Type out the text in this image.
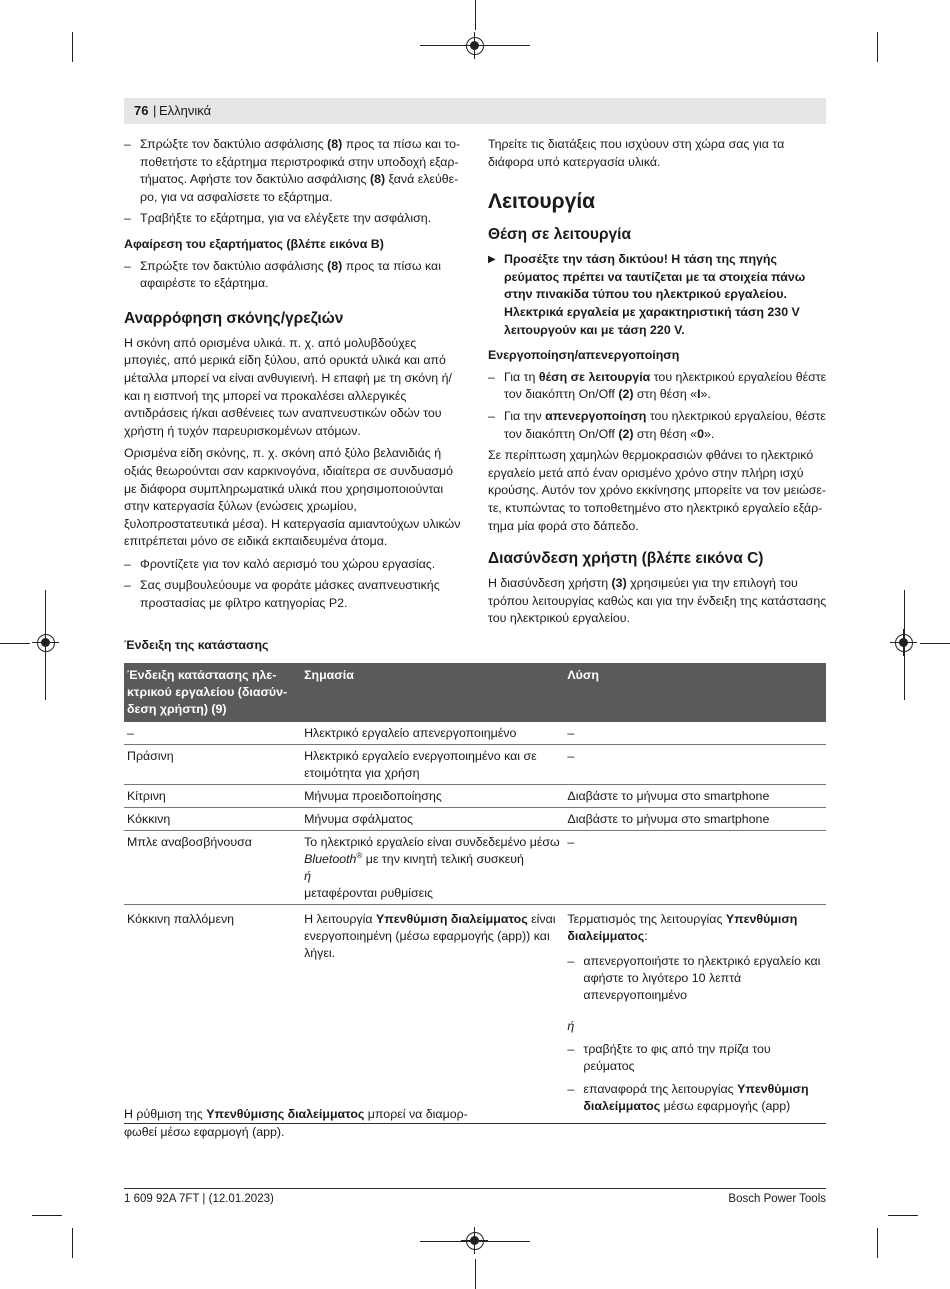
76 | Ελληνικά
– Σπρώξτε τον δακτύλιο ασφάλισης (8) προς τα πίσω και τοποθετήστε το εξάρτημα περιστροφικά στην υποδοχή εξαρτήματος. Αφήστε τον δακτύλιο ασφάλισης (8) ξανά ελεύθερο, για να ασφαλίσετε το εξάρτημα.
– Τραβήξτε το εξάρτημα, για να ελέγξετε την ασφάλιση.
Αφαίρεση του εξαρτήματος (βλέπε εικόνα B)
– Σπρώξτε τον δακτύλιο ασφάλισης (8) προς τα πίσω και αφαιρέστε το εξάρτημα.
Αναρρόφηση σκόνης/γρεζιών

Η σκόνη από ορισμένα υλικά. π. χ. από μολυβδούχες μπογιές, από μερικά είδη ξύλου, από ορυκτά υλικά και από μέταλλα μπορεί να είναι ανθυγιεινή. Η επαφή με τη σκόνη ή/και η εισπνοή της μπορεί να προκαλέσει αλλεργικές αντιδράσεις ή/και ασθένειες των αναπνευστικών οδών του χρήστη ή τυχόν παρευρισκομένων ατόμων.

Ορισμένα είδη σκόνης, π. χ. σκόνη από ξύλο βελανιδιάς ή οξιάς θεωρούνται σαν καρκινογόνα, ιδιαίτερα σε συνδυασμό με διάφορα συμπληρωματικά υλικά που χρησιμοποιούνται στην κατεργασία ξύλων (ενώσεις χρωμίου, ξυλοπροστατευτικά μέσα). Η κατεργασία αμιαντούχων υλικών επιτρέπεται μόνο σε ειδικά εκπαιδευμένα άτομα.

– Φροντίζετε για τον καλό αερισμό του χώρου εργασίας.
– Σας συμβουλεύουμε να φοράτε μάσκες αναπνευστικής προστασίας με φίλτρο κατηγορίας P2.

Τηρείτε τις διατάξεις που ισχύουν στη χώρα σας για τα διάφορα υπό κατεργασία υλικά.

Λειτουργία
Θέση σε λειτουργία
▶ Προσέξτε την τάση δικτύου! Η τάση της πηγής ρεύματος πρέπει να ταυτίζεται με τα στοιχεία πάνω στην πινακίδα τύπου του ηλεκτρικού εργαλείου. Ηλεκτρικά εργαλεία με χαρακτηριστική τάση 230 V λειτουργούν και με τάση 220 V.
Ενεργοποίηση/απενεργοποίηση
– Για τη θέση σε λειτουργία του ηλεκτρικού εργαλείου θέστε τον διακόπτη On/Off (2) στη θέση «I».
– Για την απενεργοποίηση του ηλεκτρικού εργαλείου, θέστε τον διακόπτη On/Off (2) στη θέση «0».

Σε περίπτωση χαμηλών θερμοκρασιών φθάνει το ηλεκτρικό εργαλείο μετά από έναν ορισμένο χρόνο στην πλήρη ισχύ κρούσης. Αυτόν τον χρόνο εκκίνησης μπορείτε να τον μειώσετε, κτυπώντας το τοποθετημένο στο ηλεκτρικό εργαλείο εξάρτημα μία φορά στο δάπεδο.

Διασύνδεση χρήστη (βλέπε εικόνα C)

Η διασύνδεση χρήστη (3) χρησιμεύει για την επιλογή του τρόπου λειτουργίας καθώς και για την ένδειξη της κατάστασης του ηλεκτρικού εργαλείου.

Ένδειξη της κατάστασης
Ένδειξη κατάστασης ηλεκτρικού εργαλείου (διασύνδεση χρήστη) (9)	Σημασία	Λύση
–	Ηλεκτρικό εργαλείο απενεργοποιημένο	–
Πράσινη	Ηλεκτρικό εργαλείο ενεργοποιημένο και σε ετοιμότητα για χρήση	–
Κίτρινη	Μήνυμα προειδοποίησης	Διαβάστε το μήνυμα στο smartphone
Κόκκινη	Μήνυμα σφάλματος	Διαβάστε το μήνυμα στο smartphone
Μπλε αναβοσβήνουσα	Το ηλεκτρικό εργαλείο είναι συνδεδεμένο μέσω Bluetooth® με την κινητή τελική συσκευή
ή
μεταφέρονται ρυθμίσεις	–
Κόκκινη παλλόμενη	Η λειτουργία Υπενθύμιση διαλείμματος είναι ενεργοποιημένη (μέσω εφαρμογής (app)) και λήγει.	Τερματισμός της λειτουργίας Υπενθύμιση διαλείμματος:
– απενεργοποιήστε το ηλεκτρικό εργαλείο και αφήστε το λιγότερο 10 λεπτά απενεργοποιημένο

ή

– τραβήξτε το φις από την πρίζα του ρεύματος
– επαναφορά της λειτουργίας Υπενθύμιση διαλείμματος μέσω εφαρμογής (app)

Η ρύθμιση της Υπενθύμισης διαλείμματος μπορεί να διαμορφωθεί μέσω εφαρμογή (app).

1 609 92A 7FT | (12.01.2023)	Bosch Power Tools
